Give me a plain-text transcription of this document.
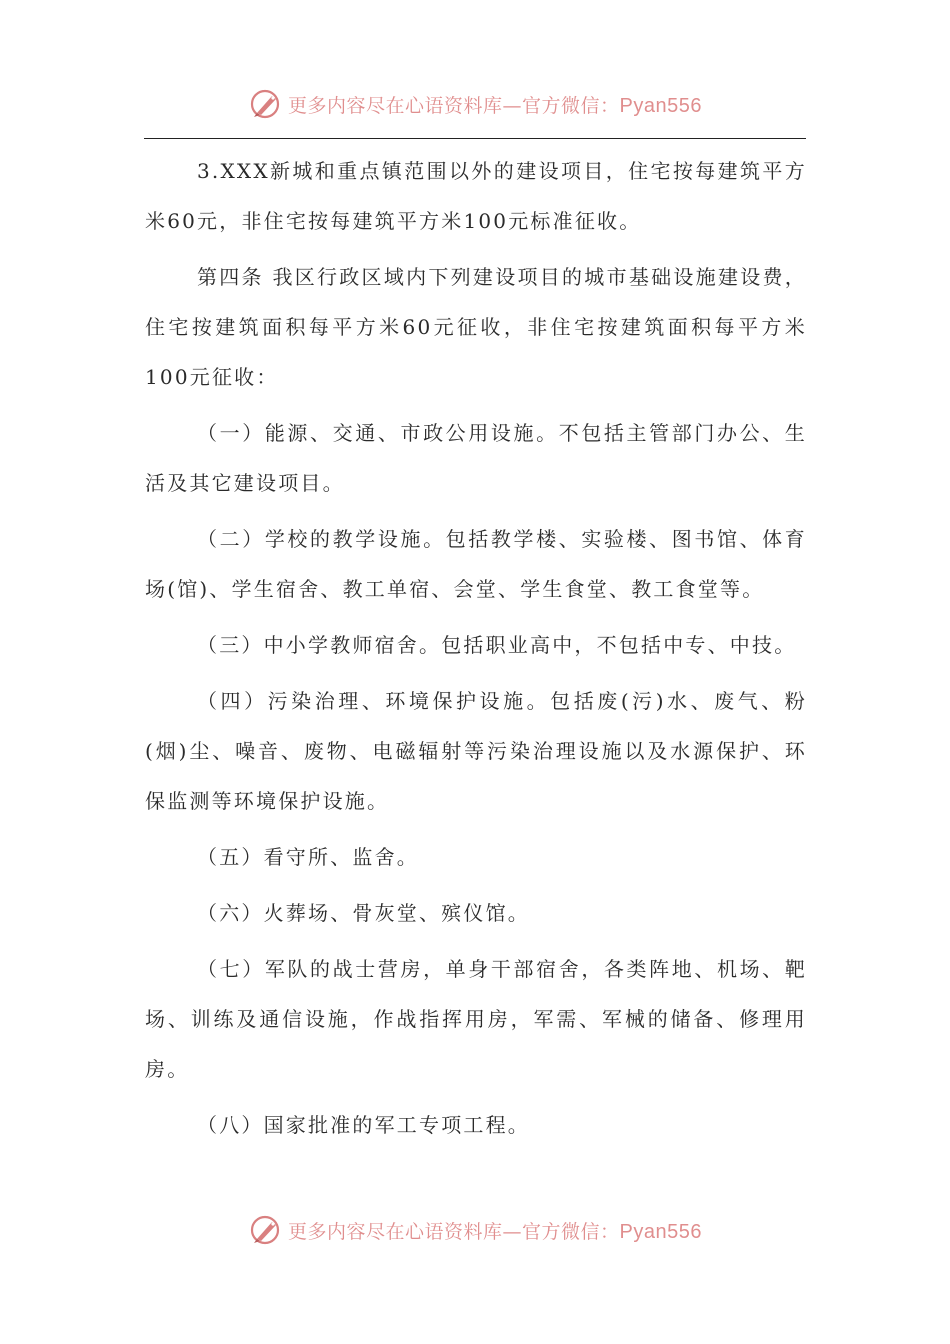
更多内容尽在心语资料库—官方微信：Pyan556

3.XXX新城和重点镇范围以外的建设项目，住宅按每建筑平方米60元，非住宅按每建筑平方米100元标准征收。

第四条 我区行政区域内下列建设项目的城市基础设施建设费，住宅按建筑面积每平方米60元征收，非住宅按建筑面积每平方米100元征收：

（一）能源、交通、市政公用设施。不包括主管部门办公、生活及其它建设项目。

（二）学校的教学设施。包括教学楼、实验楼、图书馆、体育场(馆)、学生宿舍、教工单宿、会堂、学生食堂、教工食堂等。

（三）中小学教师宿舍。包括职业高中，不包括中专、中技。

（四）污染治理、环境保护设施。包括废(污)水、废气、粉(烟)尘、噪音、废物、电磁辐射等污染治理设施以及水源保护、环保监测等环境保护设施。

（五）看守所、监舍。

（六）火葬场、骨灰堂、殡仪馆。

（七）军队的战士营房，单身干部宿舍，各类阵地、机场、靶场、训练及通信设施，作战指挥用房，军需、军械的储备、修理用房。

（八）国家批准的军工专项工程。

更多内容尽在心语资料库—官方微信：Pyan556
